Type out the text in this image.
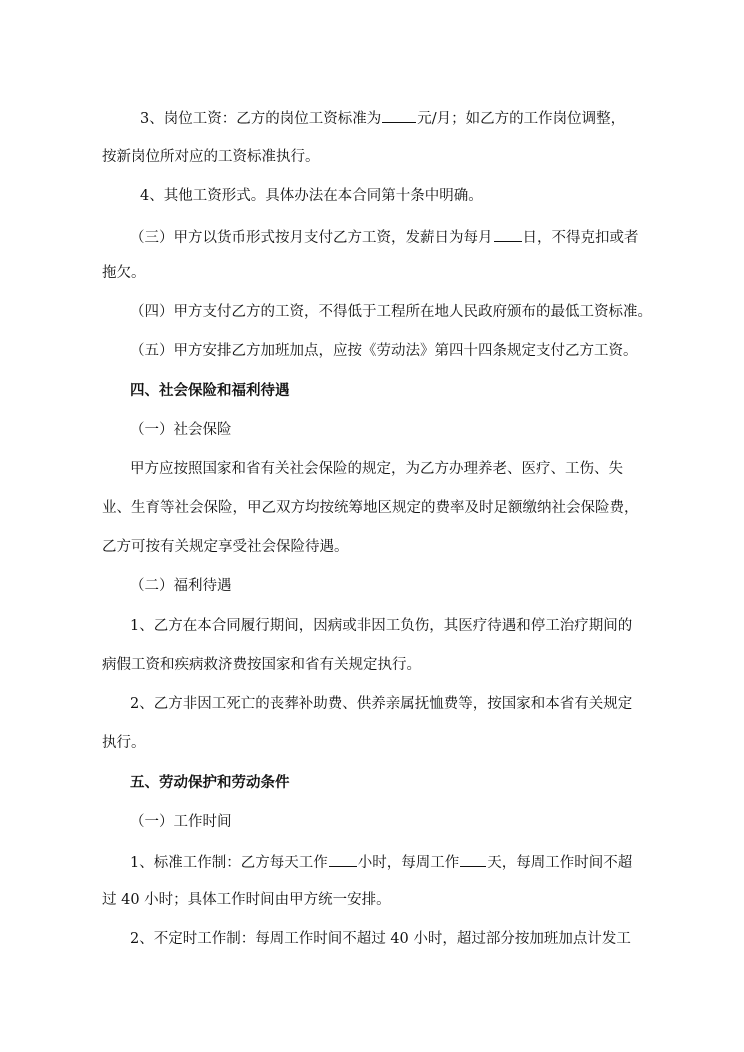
3、岗位工资：乙方的岗位工资标准为 元/月；如乙方的工作岗位调整，
按新岗位所对应的工资标准执行。
4、其他工资形式。具体办法在本合同第十条中明确。
（三）甲方以货币形式按月支付乙方工资，发薪日为每月 日，不得克扣或者
拖欠。
（四）甲方支付乙方的工资，不得低于工程所在地人民政府颁布的最低工资标准。
（五）甲方安排乙方加班加点，应按《劳动法》第四十四条规定支付乙方工资。
四、社会保险和福利待遇
（一）社会保险
甲方应按照国家和省有关社会保险的规定，为乙方办理养老、医疗、工伤、失
业、生育等社会保险，甲乙双方均按统筹地区规定的费率及时足额缴纳社会保险费，
乙方可按有关规定享受社会保险待遇。
（二）福利待遇
1、乙方在本合同履行期间，因病或非因工负伤，其医疗待遇和停工治疗期间的
病假工资和疾病救济费按国家和省有关规定执行。
2、乙方非因工死亡的丧葬补助费、供养亲属抚恤费等，按国家和本省有关规定
执行。
五、劳动保护和劳动条件
（一）工作时间
1、标准工作制：乙方每天工作 小时，每周工作 天，每周工作时间不超
过 40 小时；具体工作时间由甲方统一安排。
2、不定时工作制：每周工作时间不超过 40 小时，超过部分按加班加点计发工
